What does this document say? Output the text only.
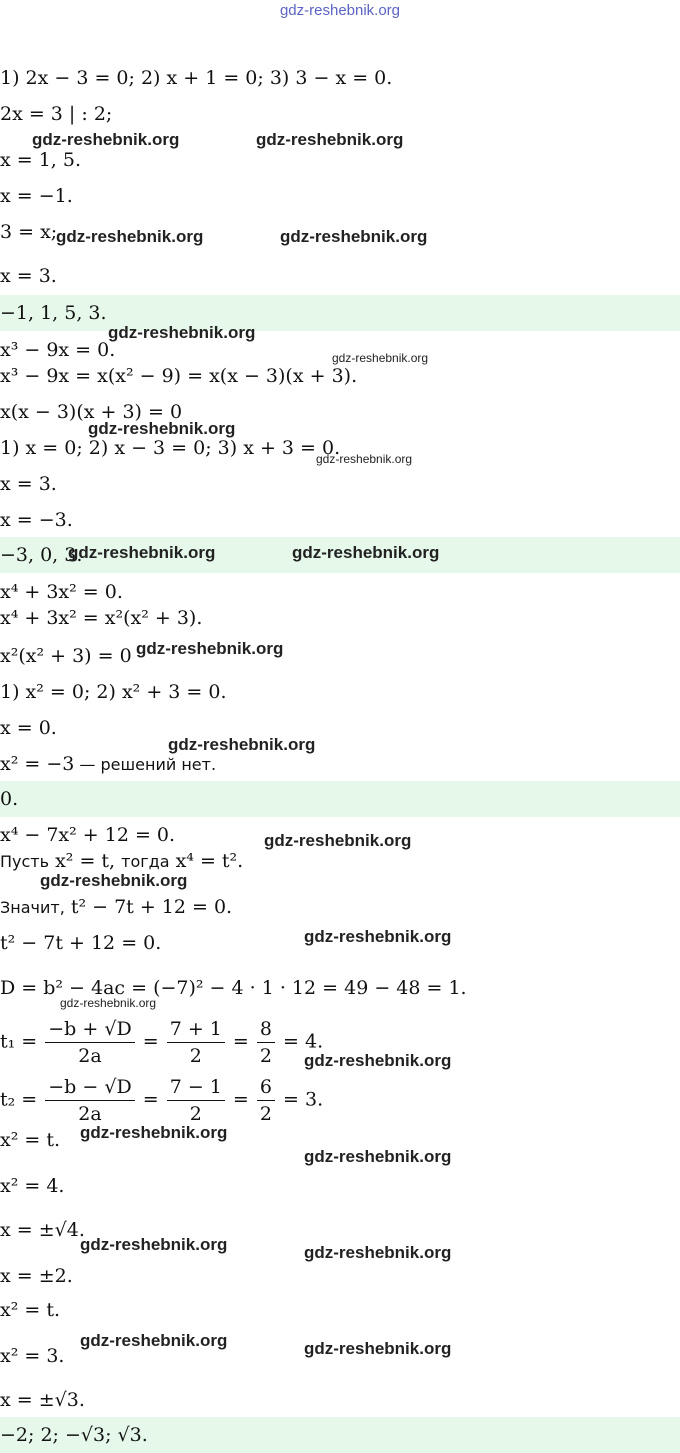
gdz-reshebnik.org
1) 2x − 3 = 0; 2) x + 1 = 0; 3) 3 − x = 0.
2x = 3 | : 2;
x = 1, 5.
x = −1.
3 = x;
x = 3.
−1, 1, 5, 3.
x³ − 9x = 0.
x³ − 9x = x(x² − 9) = x(x − 3)(x + 3).
x(x − 3)(x + 3) = 0
1) x = 0; 2) x − 3 = 0; 3) x + 3 = 0.
x = 3.
x = −3.
−3, 0, 3.
x⁴ + 3x² = 0.
x⁴ + 3x² = x²(x² + 3).
x²(x² + 3) = 0
1) x² = 0; 2) x² + 3 = 0.
x = 0.
x² = −3 — решений нет.
0.
x⁴ − 7x² + 12 = 0.
Пусть x² = t, тогда x⁴ = t².
Значит, t² − 7t + 12 = 0.
t² − 7t + 12 = 0.
D = b² − 4ac = (−7)² − 4 · 1 · 12 = 49 − 48 = 1.
$t_1 = \frac{-b + √D}{2a} = \frac{7 + 1}{2} = \frac{8}{2} = 4$.
$t_2 = \frac{-b - √D}{2a} = \frac{7 - 1}{2} = \frac{6}{2} = 3$.
x² = t.
x² = 4.
x = ±√4.
x = ±2.
x² = t.
x² = 3.
x = ±√3.
−2; 2; −√3; √3.
gdz-reshebnik.org	gdz-reshebnik.org
gdz-reshebnik.org	gdz-reshebnik.org
gdz-reshebnik.org
gdz-reshebnik.org
gdz-reshebnik.org
gdz-reshebnik.org
gdz-reshebnik.org	gdz-reshebnik.org
gdz-reshebnik.org
gdz-reshebnik.org
gdz-reshebnik.org
gdz-reshebnik.org
gdz-reshebnik.org
gdz-reshebnik.org
gdz-reshebnik.org
gdz-reshebnik.org
gdz-reshebnik.org
gdz-reshebnik.org	gdz-reshebnik.org
gdz-reshebnik.org	gdz-reshebnik.org
